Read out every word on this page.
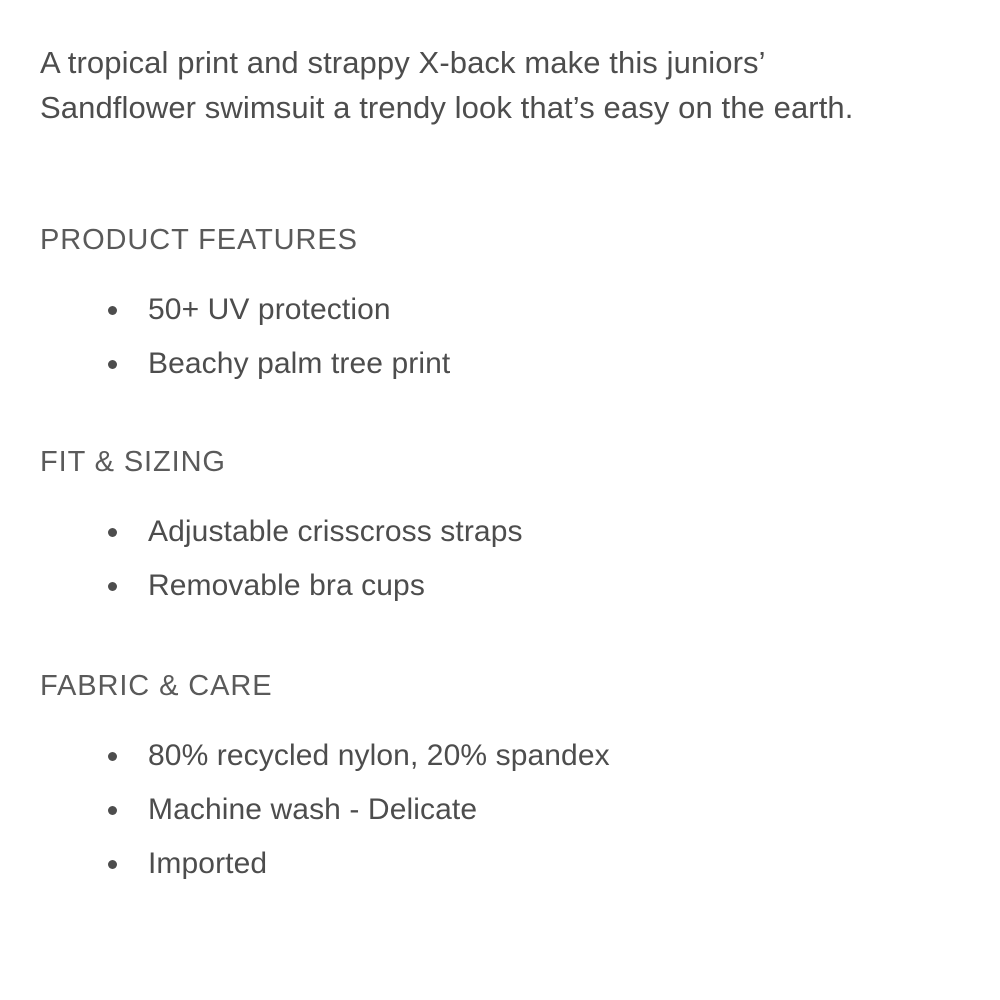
A tropical print and strappy X-back make this juniors’ Sandflower swimsuit a trendy look that’s easy on the earth.

PRODUCT FEATURES
50+ UV protection
Beachy palm tree print
FIT & SIZING
Adjustable crisscross straps
Removable bra cups
FABRIC & CARE
80% recycled nylon, 20% spandex
Machine wash - Delicate
Imported
